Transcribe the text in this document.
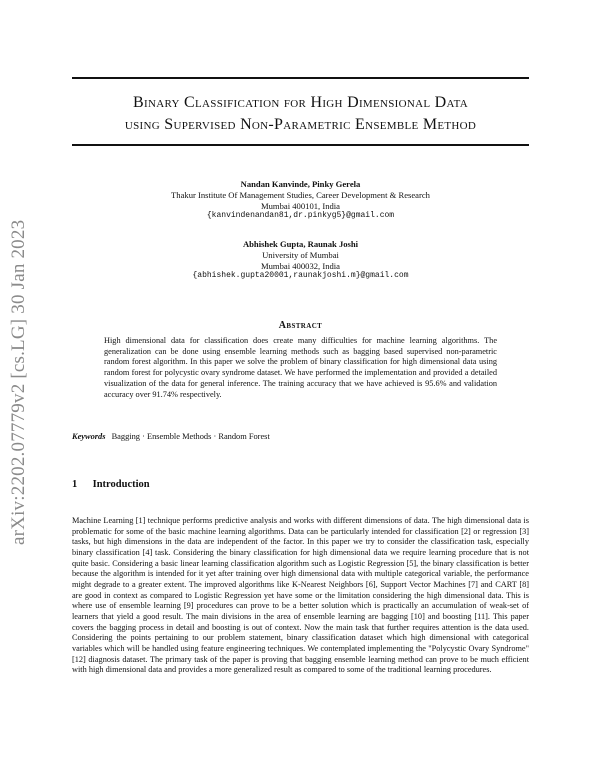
arXiv:2202.07779v2 [cs.LG] 30 Jan 2023
Binary Classification for High Dimensional Data
using Supervised Non-Parametric Ensemble Method
Nandan Kanvinde, Pinky Gerela
Thakur Institute Of Management Studies, Career Development & Research
Mumbai 400101, India
{kanvindenandan81,dr.pinkyg5}@gmail.com
Abhishek Gupta, Raunak Joshi
University of Mumbai
Mumbai 400032, India
{abhishek.gupta20001,raunakjoshi.m}@gmail.com
Abstract
High dimensional data for classification does create many difficulties for machine learning algorithms. The generalization can be done using ensemble learning methods such as bagging based supervised non-parametric random forest algorithm. In this paper we solve the problem of binary classification for high dimensional data using random forest for polycystic ovary syndrome dataset. We have performed the implementation and provided a detailed visualization of the data for general inference. The training accuracy that we have achieved is 95.6% and validation accuracy over 91.74% respectively.
Keywords Bagging · Ensemble Methods · Random Forest
1 Introduction
Machine Learning [1] technique performs predictive analysis and works with different dimensions of data. The high dimensional data is problematic for some of the basic machine learning algorithms. Data can be particularly intended for classification [2] or regression [3] tasks, but high dimensions in the data are independent of the factor. In this paper we try to consider the classification task, especially binary classification [4] task. Considering the binary classification for high dimensional data we require learning procedure that is not quite basic. Considering a basic linear learning classification algorithm such as Logistic Regression [5], the binary classification is better because the algorithm is intended for it yet after training over high dimensional data with multiple categorical variable, the performance might degrade to a greater extent. The improved algorithms like K-Nearest Neighbors [6], Support Vector Machines [7] and CART [8] are good in context as compared to Logistic Regression yet have some or the limitation considering the high dimensional data. This is where use of ensemble learning [9] procedures can prove to be a better solution which is practically an accumulation of weak-set of learners that yield a good result. The main divisions in the area of ensemble learning are bagging [10] and boosting [11]. This paper covers the bagging process in detail and boosting is out of context. Now the main task that further requires attention is the data used. Considering the points pertaining to our problem statement, binary classification dataset which high dimensional with categorical variables which will be handled using feature engineering techniques. We contemplated implementing the "Polycystic Ovary Syndrome"[12] diagnosis dataset. The primary task of the paper is proving that bagging ensemble learning method can prove to be much efficient with high dimensional data and provides a more generalized result as compared to some of the traditional learning procedures.
